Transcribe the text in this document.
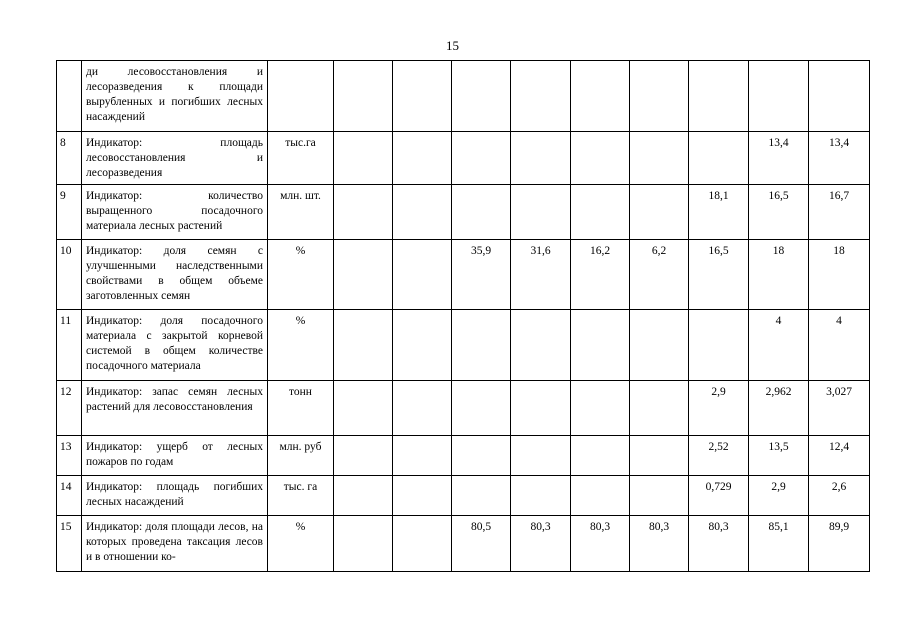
15
	ди лесовосстановления и лесоразведения к площади вырубленных и погибших лесных насаждений											
8	Индикатор: площадь лесовосстановления и лесоразведения	тыс.га								13,4	13,4	
9	Индикатор: количество выращенного посадочного материала лесных растений	млн. шт.							18,1	16,5	16,7	
10	Индикатор: доля семян с улучшенными наследственными свойствами в общем объеме заготовленных семян	%			35,9	31,6	16,2	6,2	16,5	18	18	
11	Индикатор: доля посадочного материала с закрытой корневой системой в общем количестве посадочного материала	%								4	4	
12	Индикатор: запас семян лесных растений для лесовосстановления	тонн							2,9	2,962	3,027	
13	Индикатор: ущерб от лесных пожаров по годам	млн. руб							2,52	13,5	12,4	
14	Индикатор: площадь погибших лесных насаждений	тыс. га							0,729	2,9	2,6	
15	Индикатор: доля площади лесов, на которых проведена таксация лесов и в отношении ко-	%			80,5	80,3	80,3	80,3	80,3	85,1	89,9	
